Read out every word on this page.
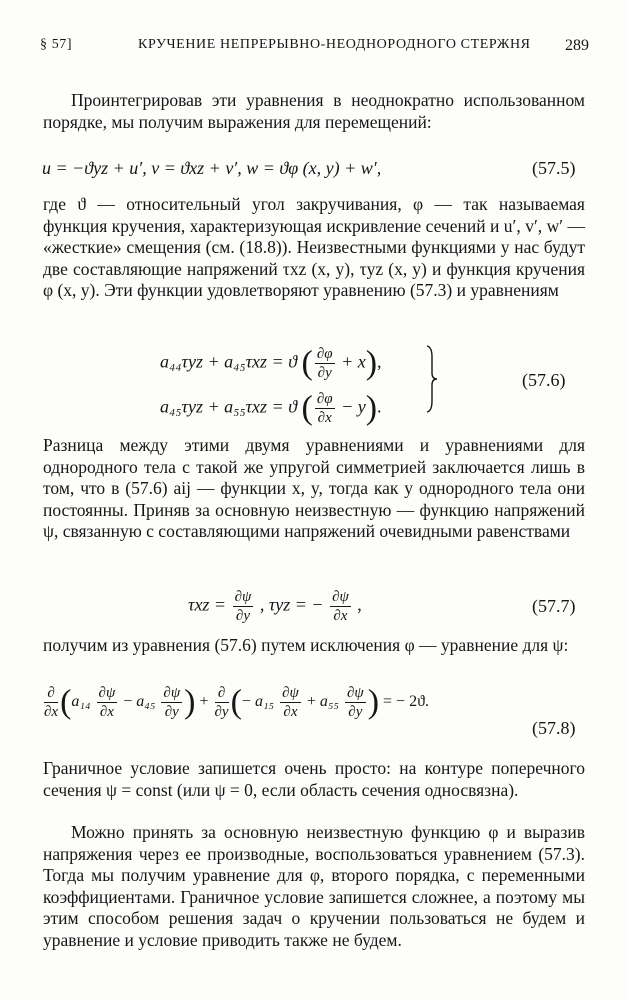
§ 57]	КРУЧЕНИЕ НЕПРЕРЫВНО-НЕОДНОРОДНОГО СТЕРЖНЯ 289

Проинтегрировав эти уравнения в неоднократно использованном порядке, мы получим выражения для перемещений:

u = −ϑyz + u′, v = ϑxz + v′, w = ϑφ (x, y) + w′,	(57.5)

где ϑ — относительный угол закручивания, φ — так называемая функция кручения, характеризующая искривление сечений и u′, v′, w′ — «жесткие» смещения (см. (18.8)). Неизвестными функциями у нас будут две составляющие напряжений τxz (x, y), τyz (x, y) и функция кручения φ (x, y). Эти функции удовлетворяют уравнению (57.3) и уравнениям

a₄₄τyz + a₄₅τxz = ϑ ( $\frac{\partial\varphi}{\partial y} + x$),
a₄₅τyz + a₅₅τxz = ϑ ( $\frac{\partial\varphi}{\partial x} - y$).
(57.6)

Разница между этими двумя уравнениями и уравнениями для однородного тела с такой же упругой симметрией заключается лишь в том, что в (57.6) aij — функции x, y, тогда как у однородного тела они постоянны. Приняв за основную неизвестную — функцию напряжений ψ, связанную с составляющими напряжений очевидными равенствами

$\tau xz = \frac{\partial\psi}{\partial y}$ , τyz = − $\frac{\partial\psi}{\partial x}$ ,	(57.7)

получим из уравнения (57.6) путем исключения φ — уравнение для ψ:

$\frac{\partial}{\partial x} (a_{14} \frac{\partial\psi}{\partial x} - a_{45} \frac{\partial\psi}{\partial y}$ ) + $\frac{\partial}{\partial y}$ (− $a_{15} \frac{\partial\psi}{\partial x} + a_{55} \frac{\partial\psi}{\partial y}$ ) = − 2ϑ.
(57.8)

Граничное условие запишется очень просто: на контуре поперечного сечения ψ = const (или ψ = 0, если область сечения односвязна).

Можно принять за основную неизвестную функцию φ и выразив напряжения через ее производные, воспользоваться уравнением (57.3). Тогда мы получим уравнение для φ, второго порядка, с переменными коэффициентами. Граничное условие запишется сложнее, а поэтому мы этим способом решения задач о кручении пользоваться не будем и уравнение и условие приводить также не будем.
